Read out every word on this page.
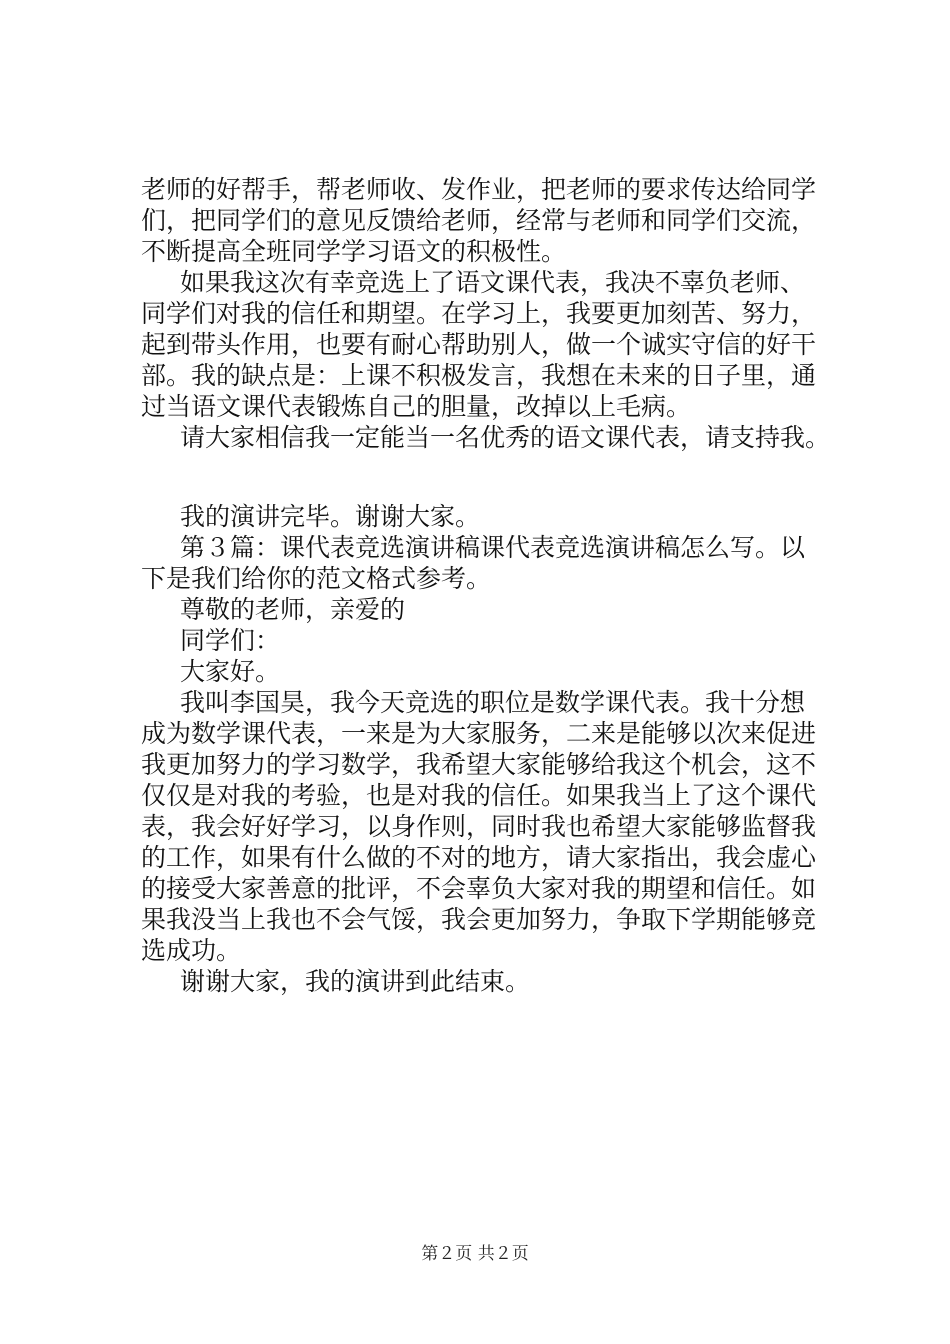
老师的好帮手，帮老师收、发作业，把老师的要求传达给同学
们，把同学们的意见反馈给老师，经常与老师和同学们交流，
不断提高全班同学学习语文的积极性。
如果我这次有幸竞选上了语文课代表，我决不辜负老师、
同学们对我的信任和期望。在学习上，我要更加刻苦、努力，
起到带头作用，也要有耐心帮助别人，做一个诚实守信的好干
部。我的缺点是：上课不积极发言，我想在未来的日子里，通
过当语文课代表锻炼自己的胆量，改掉以上毛病。
请大家相信我一定能当一名优秀的语文课代表，请支持我。
我的演讲完毕。谢谢大家。
第３篇：课代表竞选演讲稿课代表竞选演讲稿怎么写。以
下是我们给你的范文格式参考。
尊敬的老师，亲爱的
同学们：
大家好。
我叫李国昊，我今天竞选的职位是数学课代表。我十分想
成为数学课代表，一来是为大家服务，二来是能够以次来促进
我更加努力的学习数学，我希望大家能够给我这个机会，这不
仅仅是对我的考验，也是对我的信任。如果我当上了这个课代
表，我会好好学习，以身作则，同时我也希望大家能够监督我
的工作，如果有什么做的不对的地方，请大家指出，我会虚心
的接受大家善意的批评，不会辜负大家对我的期望和信任。如
果我没当上我也不会气馁，我会更加努力，争取下学期能够竞
选成功。
谢谢大家，我的演讲到此结束。
第２页 共２页
